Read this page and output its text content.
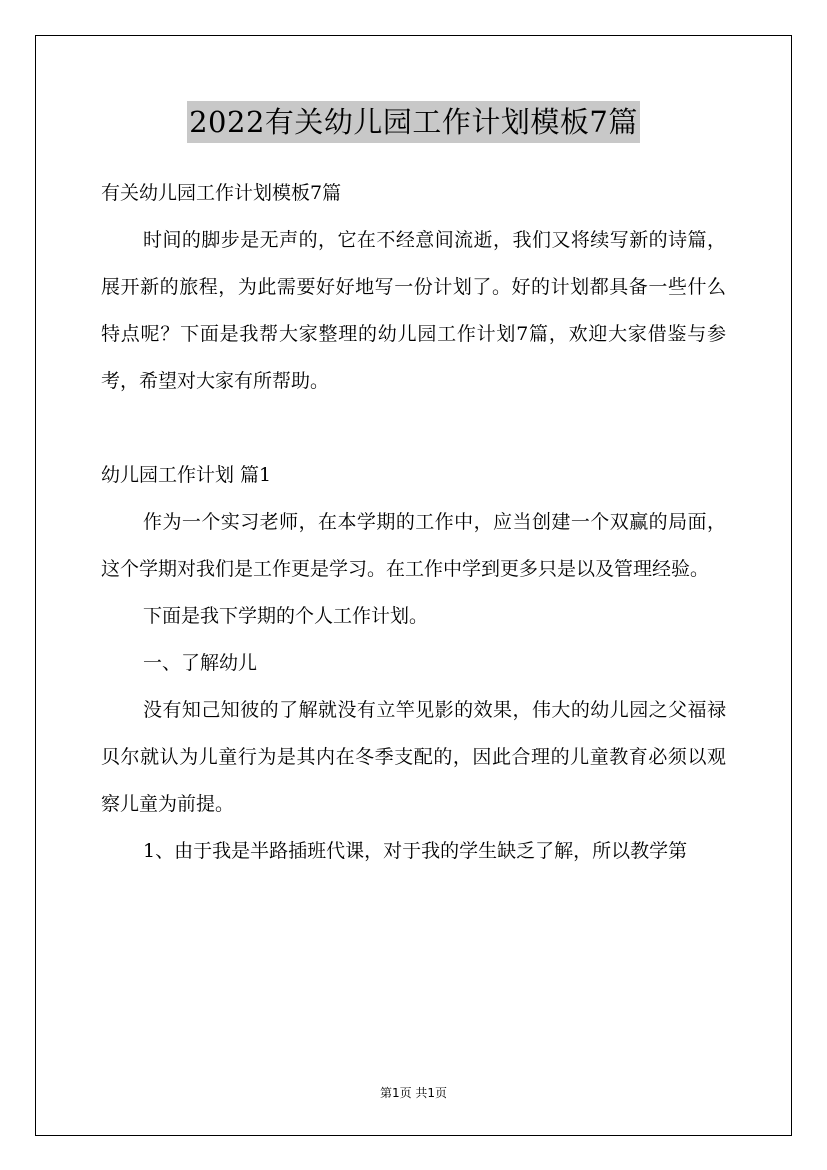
2022有关幼儿园工作计划模板7篇

有关幼儿园工作计划模板7篇

时间的脚步是无声的，它在不经意间流逝，我们又将续写新的诗篇，展开新的旅程，为此需要好好地写一份计划了。好的计划都具备一些什么特点呢？下面是我帮大家整理的幼儿园工作计划7篇，欢迎大家借鉴与参考，希望对大家有所帮助。

幼儿园工作计划 篇1

作为一个实习老师，在本学期的工作中，应当创建一个双赢的局面，这个学期对我们是工作更是学习。在工作中学到更多只是以及管理经验。

下面是我下学期的个人工作计划。

一、了解幼儿

没有知己知彼的了解就没有立竿见影的效果，伟大的幼儿园之父福禄贝尔就认为儿童行为是其内在冬季支配的，因此合理的儿童教育必须以观察儿童为前提。

1、由于我是半路插班代课，对于我的学生缺乏了解，所以教学第

第1页 共1页
